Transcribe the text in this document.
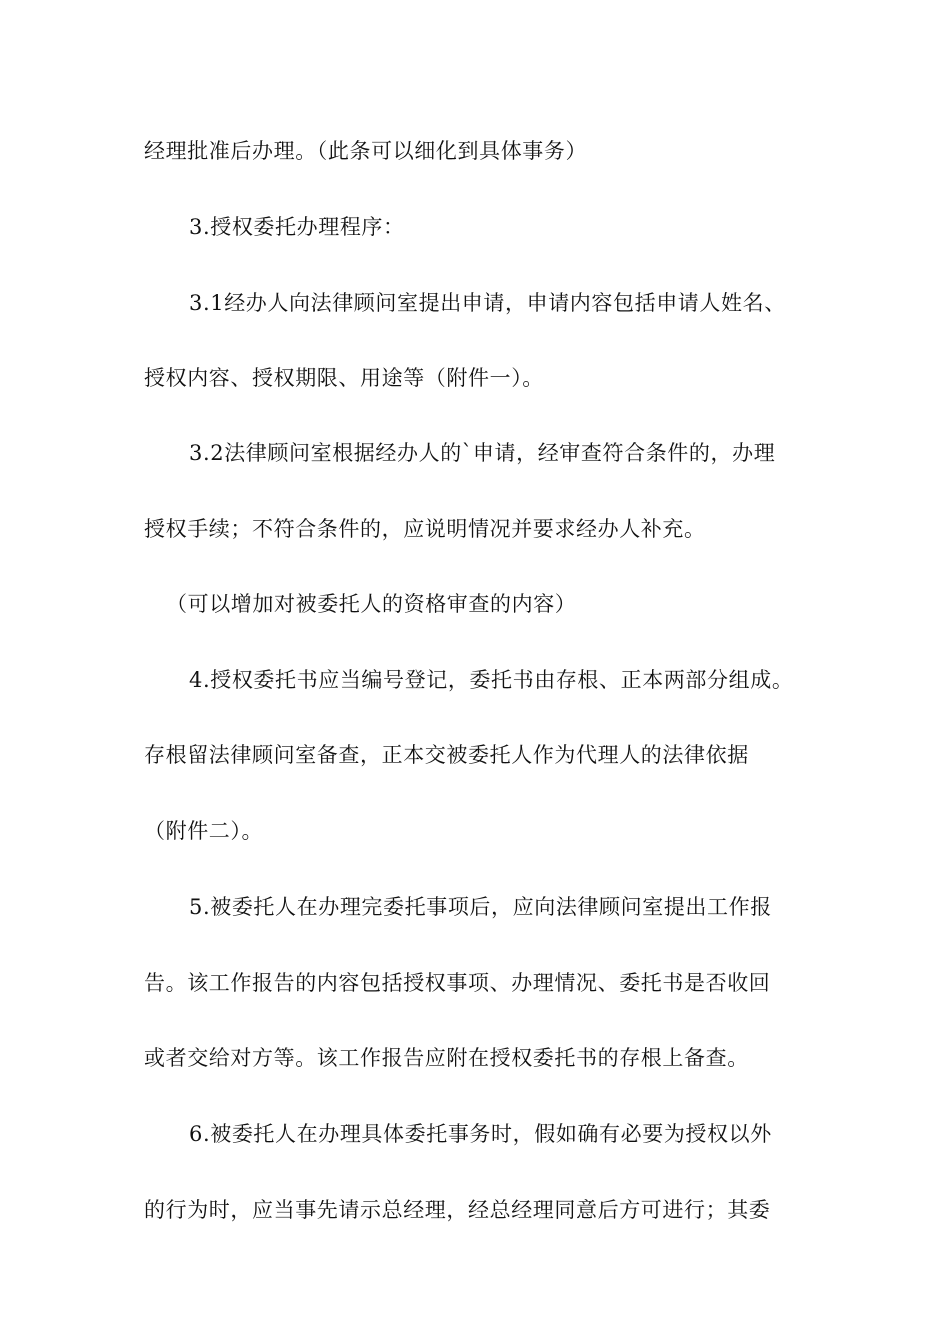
经理批准后办理。（此条可以细化到具体事务）
3.授权委托办理程序：
3.1经办人向法律顾问室提出申请，申请内容包括申请人姓名、
授权内容、授权期限、用途等（附件一）。
3.2法律顾问室根据经办人的`申请，经审查符合条件的，办理
授权手续；不符合条件的，应说明情况并要求经办人补充。
（可以增加对被委托人的资格审查的内容）
4.授权委托书应当编号登记，委托书由存根、正本两部分组成。
存根留法律顾问室备查，正本交被委托人作为代理人的法律依据
（附件二）。
5.被委托人在办理完委托事项后，应向法律顾问室提出工作报
告。该工作报告的内容包括授权事项、办理情况、委托书是否收回
或者交给对方等。该工作报告应附在授权委托书的存根上备查。
6.被委托人在办理具体委托事务时，假如确有必要为授权以外
的行为时，应当事先请示总经理，经总经理同意后方可进行；其委
